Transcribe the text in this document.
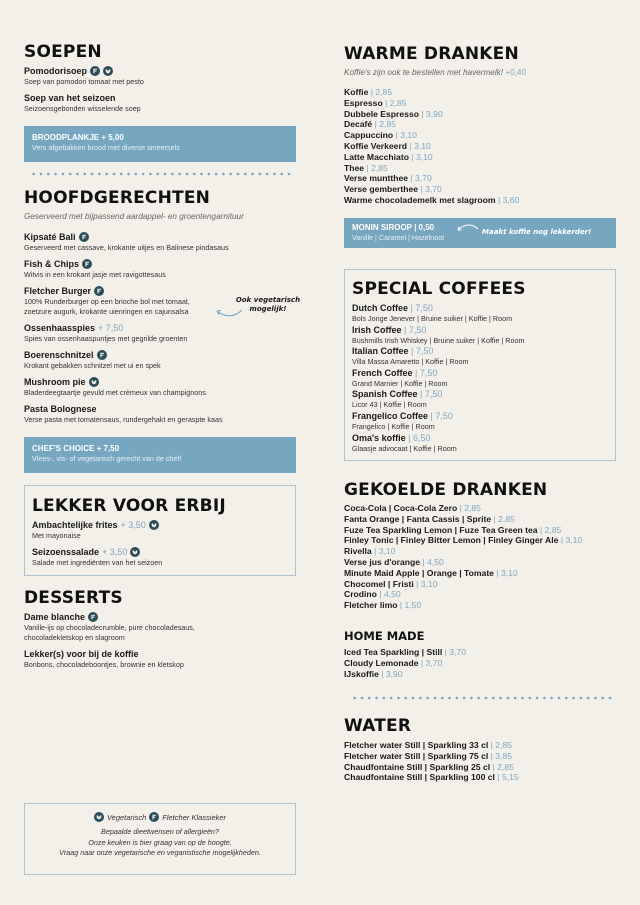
SOEPEN
Pomodorisoep
Soep van pomodori tomaat met pesto
Soep van het seizoen
Seizoensgebonden wisselende soep
BROODPLANKJE + 5,00
Vers afgebakken brood met diverse smeersels
HOOFDGERECHTEN
Geserveerd met bijpassend aardappel- en groentengarnituur
Kipsaté Bali
Geserveerd met cassave, krokante uitjes en Balinese pindasaus
Fish & Chips
Witvis in een krokant jasje met ravigottesaus
Fletcher Burger
100% Runderburger op een brioche bol met tomaat, zoetzure augurk, krokante uienringen en cajunsalsa
Ossenhaasspies + 7,50
Spies van ossenhaaspuntjes met gegrilde groenten
Boerenschnitzel
Krokant gebakken schnitzel met ui en spek
Mushroom pie
Bladerdeegtaartje gevuld met crèmeux van champignons
Pasta Bolognese
Verse pasta met tomatensaus, rundergehakt en geraspte kaas
Ook vegetarisch mogelijk!
CHEF'S CHOICE + 7,50
Vlees-, vis- of vegetarisch gerecht van de chef!
LEKKER VOOR ERBIJ
Ambachtelijke frites + 3,50
Met mayonaise
Seizoenssalade + 3,50
Salade met ingrediënten van het seizoen
DESSERTS
Dame blanche
Vanille-ijs op chocoladecrumble, pure chocoladesaus, chocoladekletskop en slagroom
Lekker(s) voor bij de koffie
Bonbons, chocoladeboontjes, brownie en kletskop
Vegetarisch Fletcher Klassieker
Bepaalde dieetwensen of allergieën?
Onze keuken is hier graag van op de hoogte.
Vraag naar onze vegetarische en veganistische mogelijkheden.
WARME DRANKEN
Koffie's zijn ook te bestellen met havermelk! +0,40
Koffie | 2,85
Espresso | 2,85
Dubbele Espresso | 3,90
Decafé | 2,85
Cappuccino | 3,10
Koffie Verkeerd | 3,10
Latte Macchiato | 3,10
Thee | 2,85
Verse muntthee | 3,70
Verse gemberthee | 3,70
Warme chocolademelk met slagroom | 3,60
MONIN SIROOP | 0,50
Vanille | Caramel | Hazelnoot
Maakt koffie nog lekkerder!
SPECIAL COFFEES
Dutch Coffee | 7,50
Bols Jonge Jenever | Bruine suiker | Koffie | Room
Irish Coffee | 7,50
Bushmills Irish Whiskey | Bruine suiker | Koffie | Room
Italian Coffee | 7,50
Villa Massa Amaretto | Koffie | Room
French Coffee | 7,50
Grand Marnier | Koffie | Room
Spanish Coffee | 7,50
Licor 43 | Koffie | Room
Frangelico Coffee | 7,50
Frangelico | Koffie | Room
Oma's koffie | 6,50
Glaasje advocaat | Koffie | Room
GEKOELDE DRANKEN
Coca-Cola | Coca-Cola Zero | 2,85
Fanta Orange | Fanta Cassis | Sprite | 2,85
Fuze Tea Sparkling Lemon | Fuze Tea Green tea | 2,85
Finley Tonic | Finley Bitter Lemon | Finley Ginger Ale | 3,10
Rivella | 3,10
Verse jus d'orange | 4,50
Minute Maid Apple | Orange | Tomate | 3,10
Chocomel | Fristi | 3,10
Crodino | 4,50
Fletcher limo | 1,50
HOME MADE
Iced Tea Sparkling | Still | 3,70
Cloudy Lemonade | 3,70
IJskoffie | 3,90
WATER
Fletcher water Still | Sparkling 33 cl | 2,85
Fletcher water Still | Sparkling 75 cl | 3,85
Chaudfontaine Still | Sparkling 25 cl | 2,85
Chaudfontaine Still | Sparkling 100 cl | 5,15
